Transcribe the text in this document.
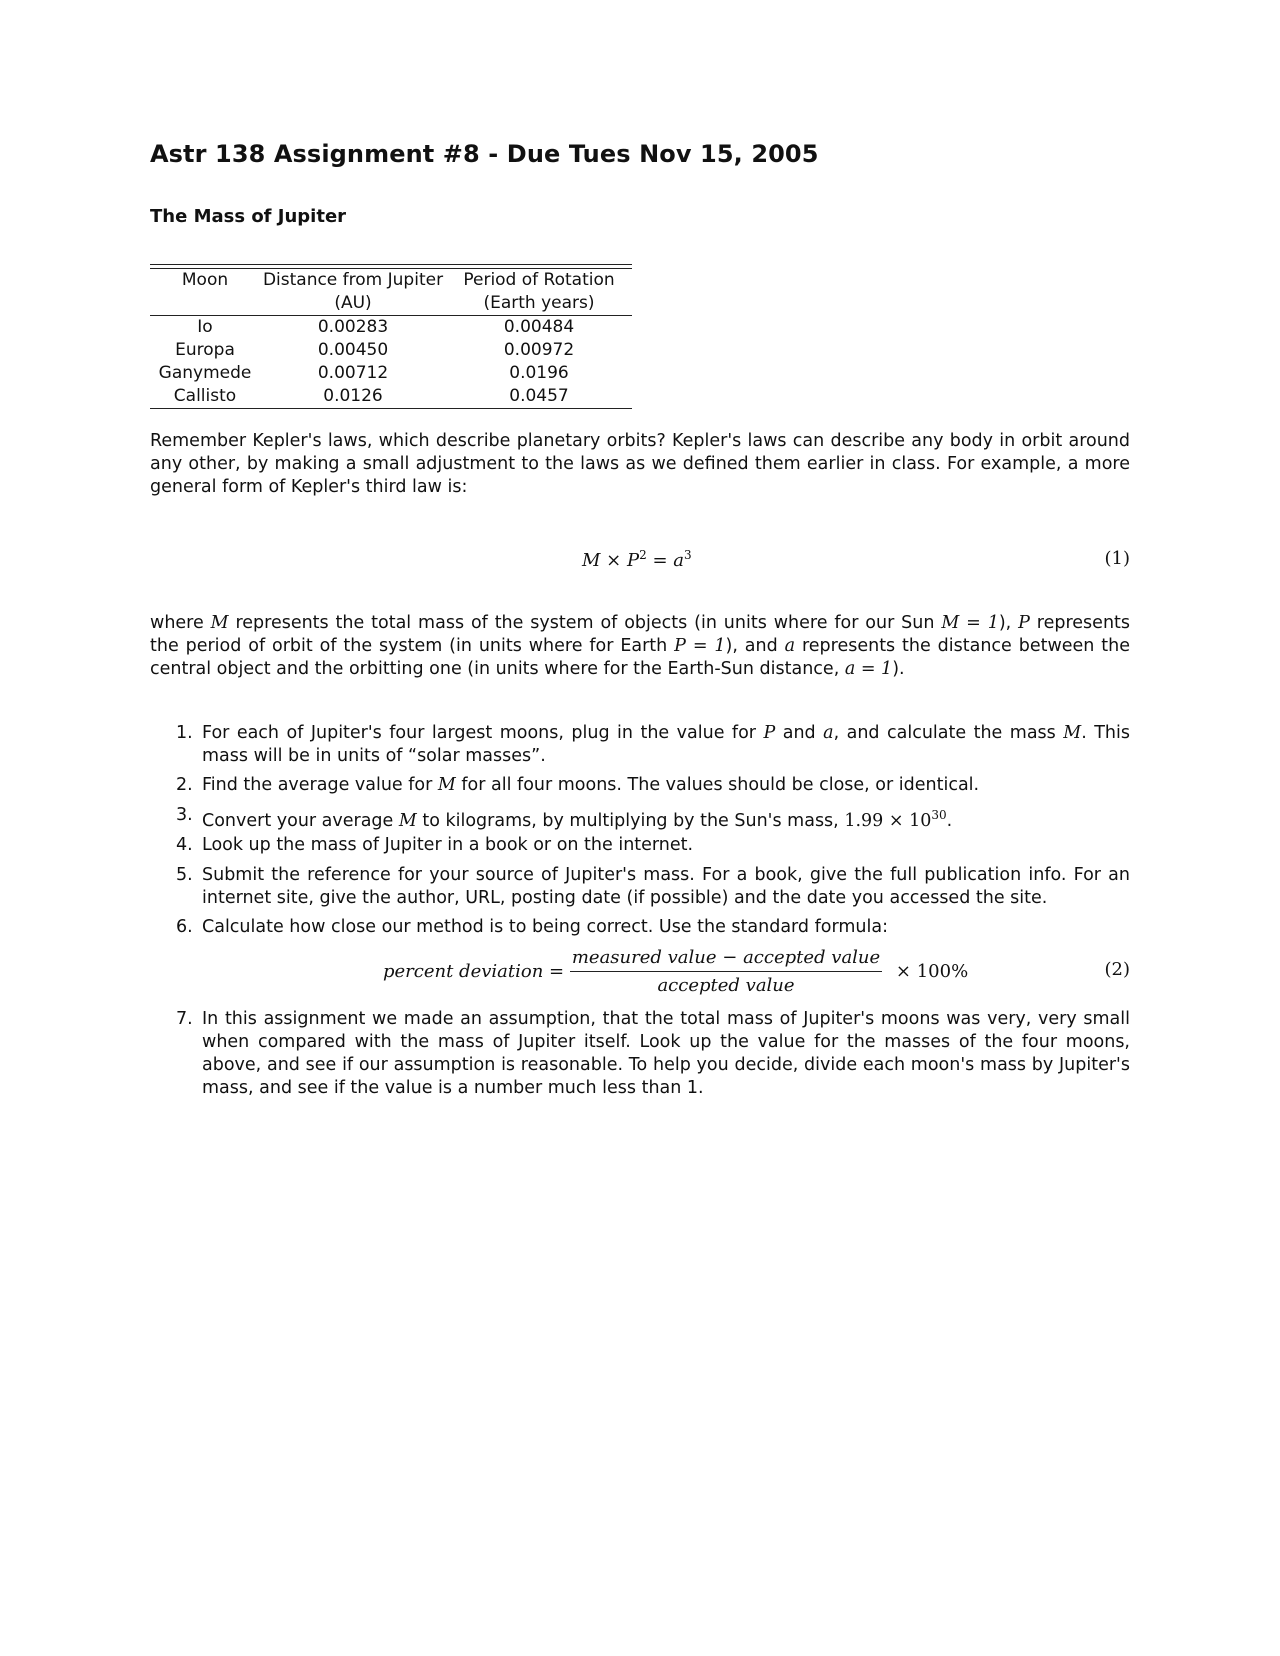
Astr 138 Assignment #8 - Due Tues Nov 15, 2005
The Mass of Jupiter
Moon	Distance from Jupiter	Period of Rotation
	(AU)	(Earth years)
Io	0.00283	0.00484
Europa	0.00450	0.00972
Ganymede	0.00712	0.0196
Callisto	0.0126	0.0457
Remember Kepler's laws, which describe planetary orbits? Kepler's laws can describe any body in orbit around any other, by making a small adjustment to the laws as we defined them earlier in class. For example, a more general form of Kepler's third law is:
$M \times P^2 = a^3$	(1)
where M represents the total mass of the system of objects (in units where for our Sun M = 1), P represents the period of orbit of the system (in units where for Earth P = 1), and a represents the distance between the central object and the orbitting one (in units where for the Earth-Sun distance, a = 1).
1. For each of Jupiter's four largest moons, plug in the value for P and a, and calculate the mass M. This mass will be in units of “solar masses”.
2. Find the average value for M for all four moons. The values should be close, or identical.
3. Convert your average M to kilograms, by multiplying by the Sun's mass, $1.99 \times 10^{30}$.
4. Look up the mass of Jupiter in a book or on the internet.
5. Submit the reference for your source of Jupiter's mass. For a book, give the full publication info. For an internet site, give the author, URL, posting date (if possible) and the date you accessed the site.
6. Calculate how close our method is to being correct. Use the standard formula:
percent deviation = $\frac{\text{measured value − accepted value}}{\text{accepted value}} \times 100\%$	(2)
7. In this assignment we made an assumption, that the total mass of Jupiter's moons was very, very small when compared with the mass of Jupiter itself. Look up the value for the masses of the four moons, above, and see if our assumption is reasonable. To help you decide, divide each moon's mass by Jupiter's mass, and see if the value is a number much less than 1.
